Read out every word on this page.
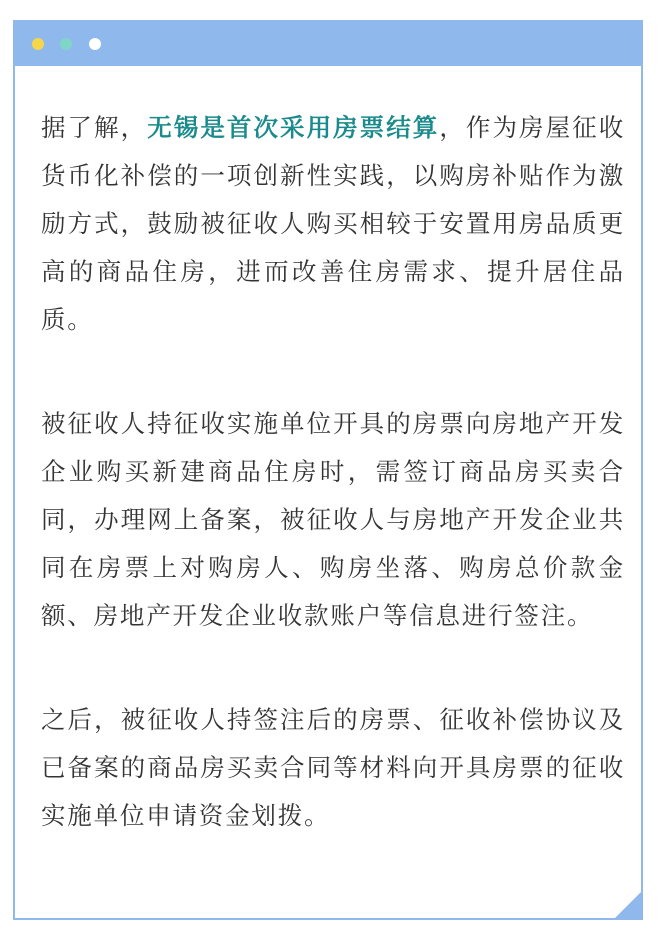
据了解，无锡是首次采用房票结算，作为房屋征收货币化补偿的一项创新性实践，以购房补贴作为激励方式，鼓励被征收人购买相较于安置用房品质更高的商品住房，进而改善住房需求、提升居住品质。

被征收人持征收实施单位开具的房票向房地产开发企业购买新建商品住房时，需签订商品房买卖合同，办理网上备案，被征收人与房地产开发企业共同在房票上对购房人、购房坐落、购房总价款金额、房地产开发企业收款账户等信息进行签注。

之后，被征收人持签注后的房票、征收补偿协议及已备案的商品房买卖合同等材料向开具房票的征收实施单位申请资金划拨。
